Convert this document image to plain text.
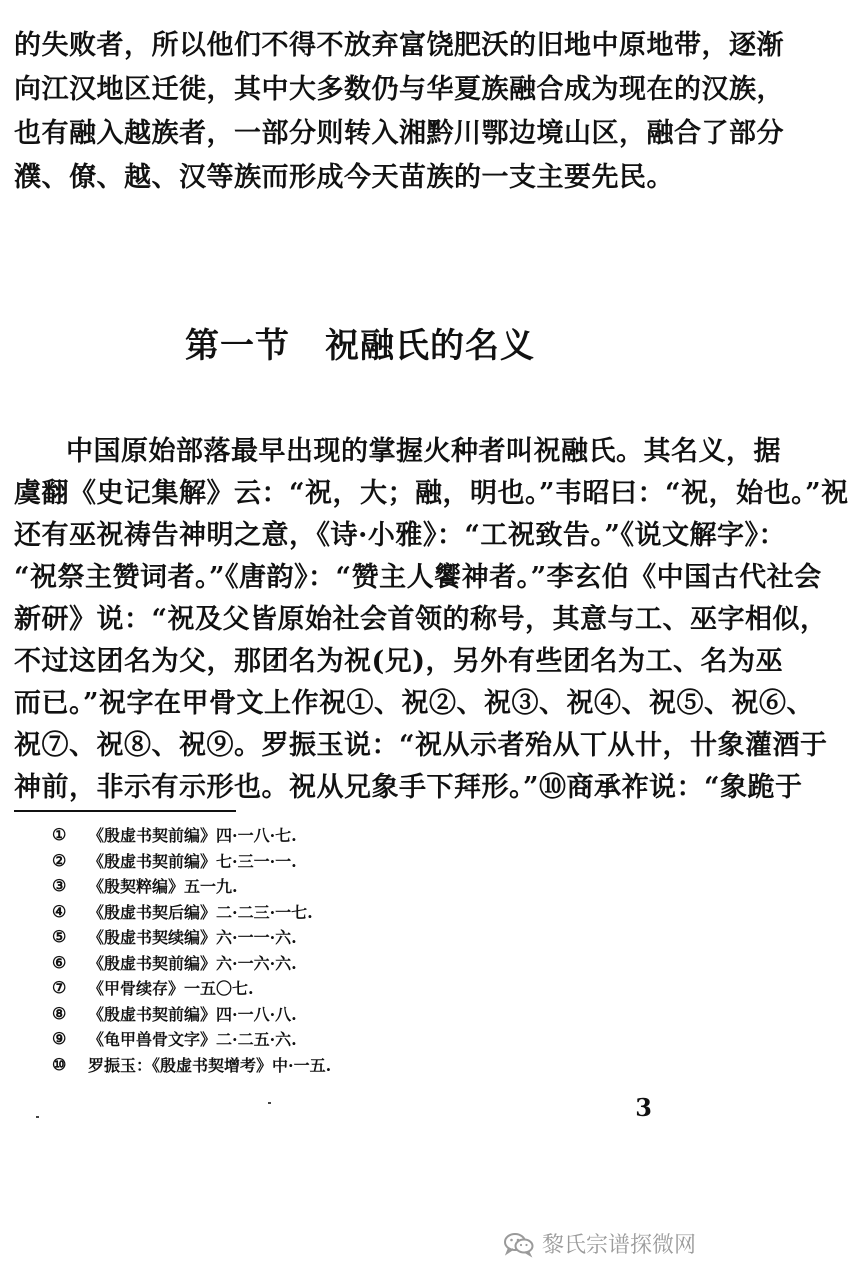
的失败者，所以他们不得不放弃富饶肥沃的旧地中原地带，逐渐
向江汉地区迁徙，其中大多数仍与华夏族融合成为现在的汉族，
也有融入越族者，一部分则转入湘黔川鄂边境山区，融合了部分
濮、僚、越、汉等族而形成今天苗族的一支主要先民。
第一节　祝融氏的名义
中国原始部落最早出现的掌握火种者叫祝融氏。其名义，据
虞翻《史记集解》云：“祝，大；融，明也。”韦昭曰：“祝，始也。”祝
还有巫祝祷告神明之意，《诗·小雅》：“工祝致告。”《说文解字》：
“祝祭主赞词者。”《唐韵》：“赞主人饗神者。”李玄伯《中国古代社会
新研》说：“祝及父皆原始社会首领的称号，其意与工、巫字相似，
不过这团名为父，那团名为祝(兄)，另外有些团名为工、名为巫
而已。”祝字在甲骨文上作祝①、祝②、祝③、祝④、祝⑤、祝⑥、
祝⑦、祝⑧、祝⑨。罗振玉说：“祝从示者殆从丅从卄，卄象灌酒于
神前，非示有示形也。祝从兄象手下拜形。”⑩商承祚说：“象跪于
①	《殷虚书契前编》四·一八·七.
②	《殷虚书契前编》七·三一·一.
③	《殷契粹编》五一九.
④	《殷虚书契后编》二·二三·一七.
⑤	《殷虚书契续编》六·一一·六.
⑥	《殷虚书契前编》六·一六·六.
⑦	《甲骨续存》一五〇七.
⑧	《殷虚书契前编》四·一八·八.
⑨	《龟甲兽骨文字》二·二五·六.
⑩	罗振玉：《殷虚书契增考》中·一五.
3
黎氏宗谱探微网
